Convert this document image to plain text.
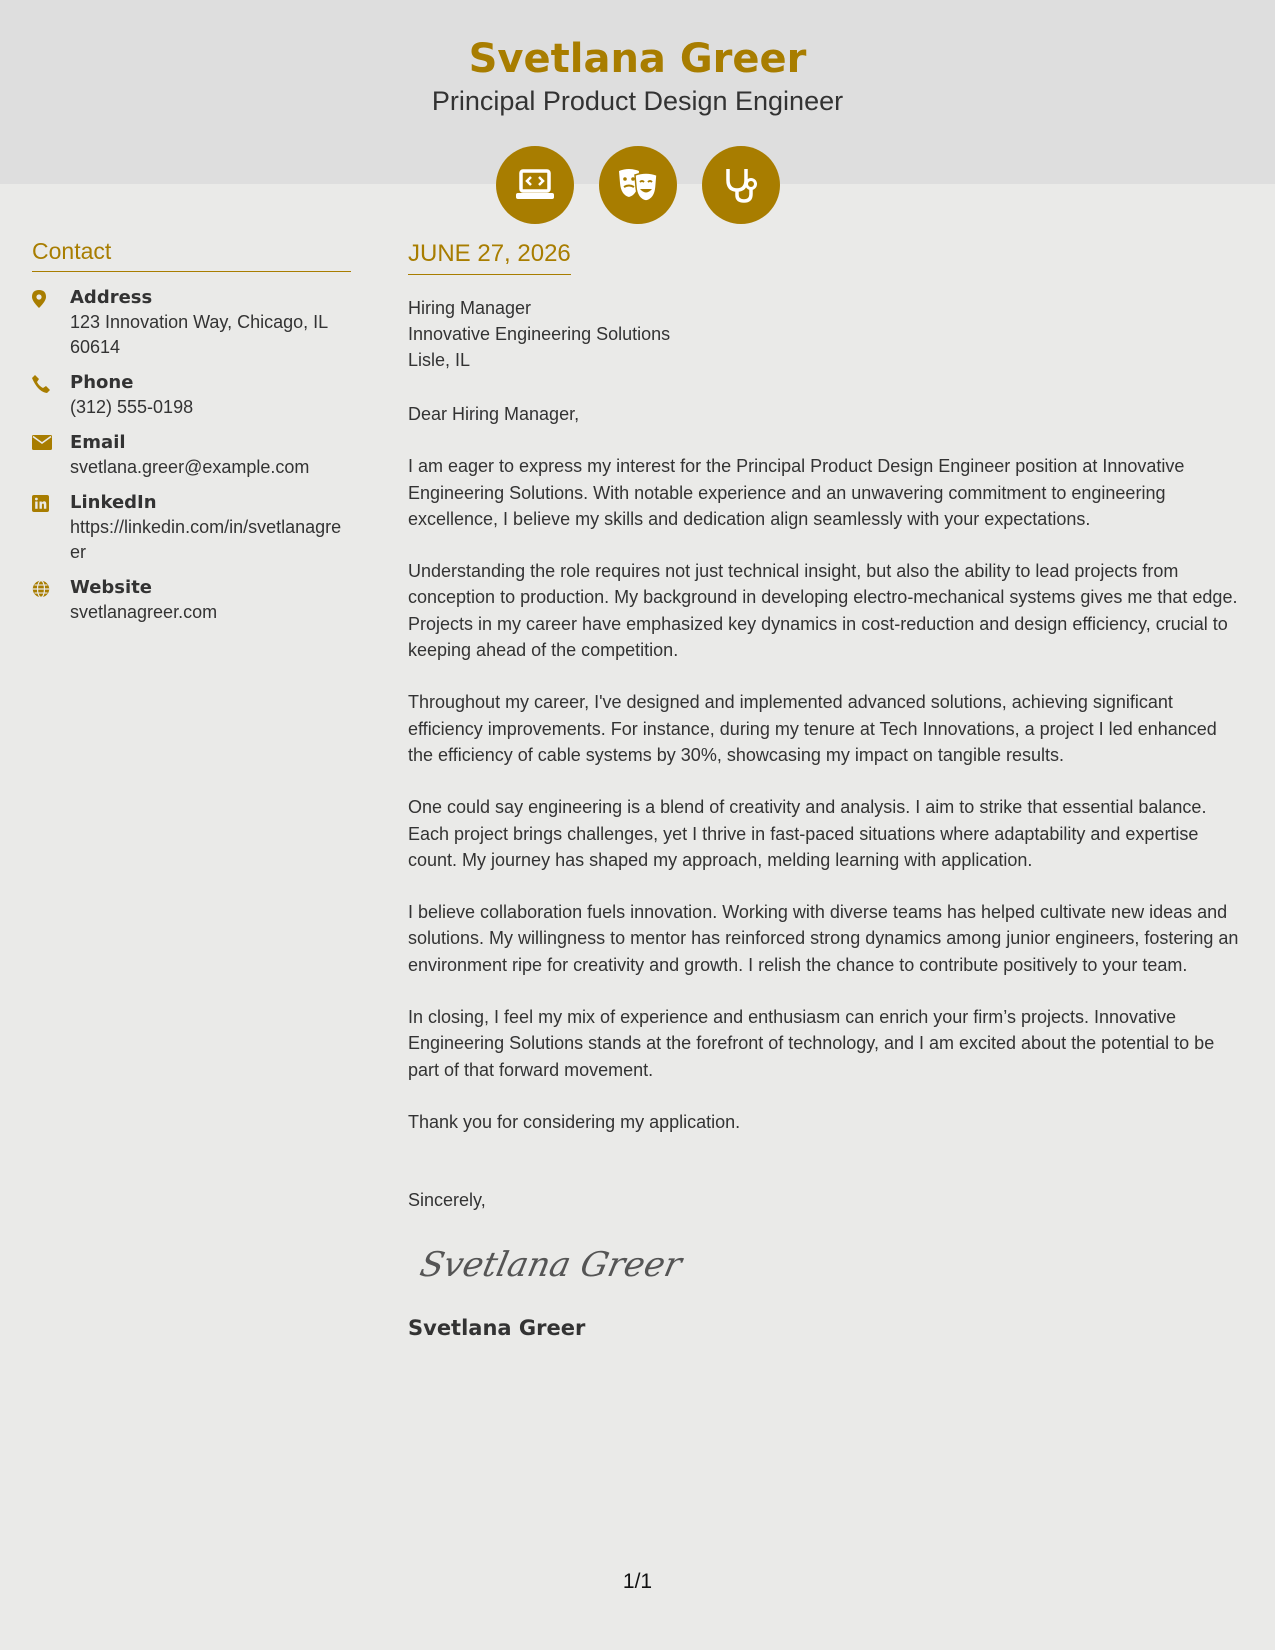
Svetlana Greer
Principal Product Design Engineer
Contact
Address
123 Innovation Way, Chicago, IL 60614
Phone
(312) 555-0198
Email
svetlana.greer@example.com
LinkedIn
https://linkedin.com/in/svetlanagreer
Website
svetlanagreer.com
JUNE 27, 2026
Hiring Manager
Innovative Engineering Solutions
Lisle, IL

Dear Hiring Manager,

I am eager to express my interest for the Principal Product Design Engineer position at Innovative Engineering Solutions. With notable experience and an unwavering commitment to engineering excellence, I believe my skills and dedication align seamlessly with your expectations.

Understanding the role requires not just technical insight, but also the ability to lead projects from conception to production. My background in developing electro-mechanical systems gives me that edge. Projects in my career have emphasized key dynamics in cost-reduction and design efficiency, crucial to keeping ahead of the competition.

Throughout my career, I've designed and implemented advanced solutions, achieving significant efficiency improvements. For instance, during my tenure at Tech Innovations, a project I led enhanced the efficiency of cable systems by 30%, showcasing my impact on tangible results.

One could say engineering is a blend of creativity and analysis. I aim to strike that essential balance. Each project brings challenges, yet I thrive in fast-paced situations where adaptability and expertise count. My journey has shaped my approach, melding learning with application.

I believe collaboration fuels innovation. Working with diverse teams has helped cultivate new ideas and solutions. My willingness to mentor has reinforced strong dynamics among junior engineers, fostering an environment ripe for creativity and growth. I relish the chance to contribute positively to your team.

In closing, I feel my mix of experience and enthusiasm can enrich your firm’s projects. Innovative Engineering Solutions stands at the forefront of technology, and I am excited about the potential to be part of that forward movement.

Thank you for considering my application.

Sincerely,

Svetlana Greer
Svetlana Greer
1/1
